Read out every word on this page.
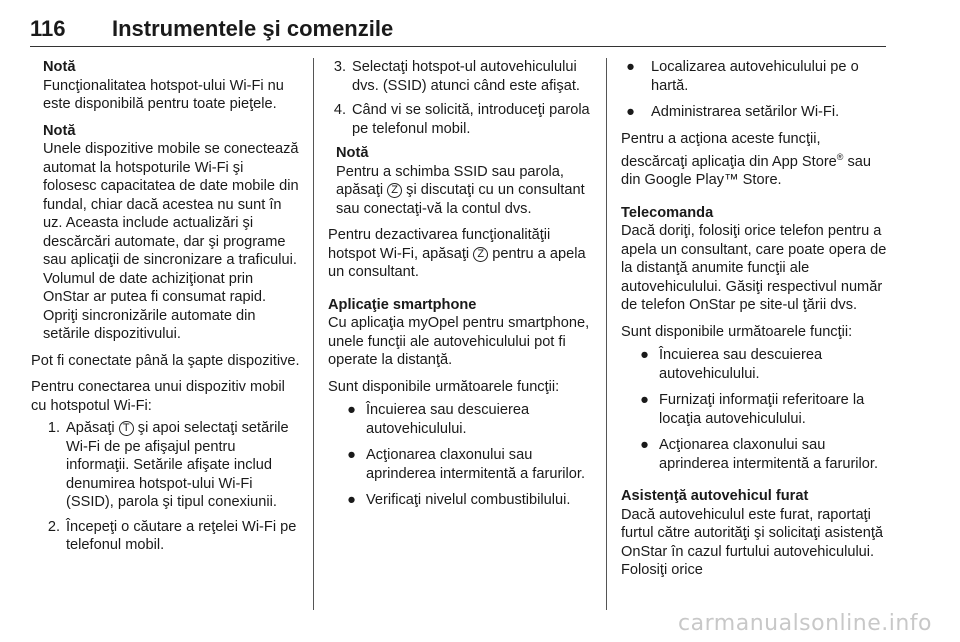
116	Instrumentele şi comenzile
Notă
Funcţionalitatea hotspot-ului Wi-Fi nu este disponibilă pentru toate pieţele.
Notă
Unele dispozitive mobile se conectează automat la hotspoturile Wi-Fi şi folosesc capacitatea de date mobile din fundal, chiar dacă acestea nu sunt în uz. Aceasta include actualizări şi descărcări automate, dar şi programe sau aplicaţii de sincronizare a traficului. Volumul de date achiziţionat prin OnStar ar putea fi consumat rapid. Opriţi sincronizările automate din setările dispozitivului.

Pot fi conectate până la şapte dispozitive.

Pentru conectarea unui dispozitiv mobil cu hotspotul Wi-Fi:

1. Apăsaţi T şi apoi selectaţi setările Wi-Fi de pe afişajul pentru informaţii. Setările afişate includ denumirea hotspot-ului Wi-Fi (SSID), parola şi tipul conexiunii.
2. Începeţi o căutare a reţelei Wi-Fi pe telefonul mobil.
3. Selectaţi hotspot-ul autovehiculului dvs. (SSID) atunci când este afişat.
4. Când vi se solicită, introduceţi parola pe telefonul mobil.
Notă
Pentru a schimba SSID sau parola, apăsaţi Z şi discutaţi cu un consultant sau conectaţi-vă la contul dvs.

Pentru dezactivarea funcţionalităţii hotspot Wi-Fi, apăsaţi Z pentru a apela un consultant.

Aplicaţie smartphone

Cu aplicaţia myOpel pentru smartphone, unele funcţii ale autovehiculului pot fi operate la distanţă.

Sunt disponibile următoarele funcţii:

● Încuierea sau descuierea autovehiculului.
● Acţionarea claxonului sau aprinderea intermitentă a farurilor.
● Verificaţi nivelul combustibilului.
●	Localizarea autovehiculului pe o hartă.
●	Administrarea setărilor Wi-Fi.

Pentru a acţiona aceste funcţii, descărcaţi aplicaţia din App Store® sau din Google Play™ Store.

Telecomanda

Dacă doriţi, folosiţi orice telefon pentru a apela un consultant, care poate opera de la distanţă anumite funcţii ale autovehiculului. Găsiţi respectivul număr de telefon OnStar pe site-ul ţării dvs.

Sunt disponibile următoarele funcţii:

● Încuierea sau descuierea autovehiculului.
● Furnizaţi informaţii referitoare la locaţia autovehiculului.
● Acţionarea claxonului sau aprinderea intermitentă a farurilor.
Asistenţă autovehicul furat

Dacă autovehiculul este furat, raportaţi furtul către autorităţi şi solicitaţi asistenţă OnStar în cazul furtului autovehiculului. Folosiţi orice

carmanualsonline.info
